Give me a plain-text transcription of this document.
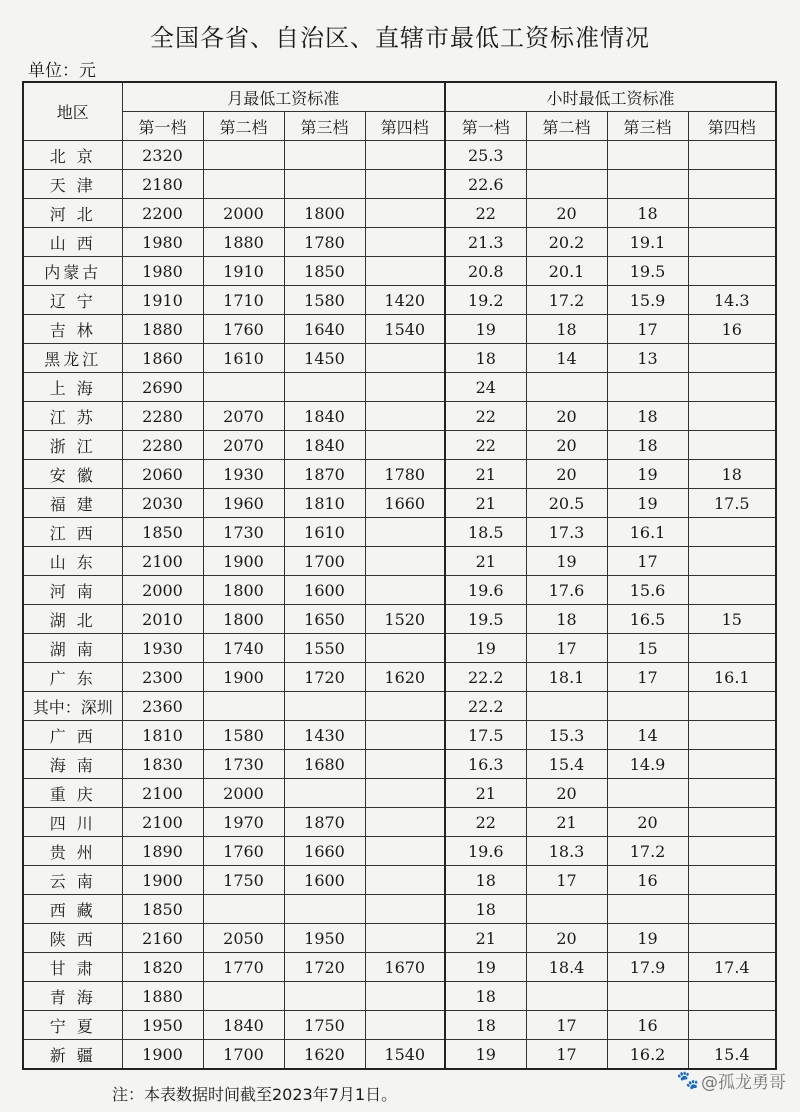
全国各省、自治区、直辖市最低工资标准情况
单位：元
地区	月最低工资标准				小时最低工资标准			
	第一档	第二档	第三档	第四档	第一档	第二档	第三档	第四档
北 京	2320				25.3			
天 津	2180				22.6			
河 北	2200	2000	1800		22	20	18	
山 西	1980	1880	1780		21.3	20.2	19.1	
内蒙古	1980	1910	1850		20.8	20.1	19.5	
辽 宁	1910	1710	1580	1420	19.2	17.2	15.9	14.3
吉 林	1880	1760	1640	1540	19	18	17	16
黑龙江	1860	1610	1450		18	14	13	
上 海	2690				24			
江 苏	2280	2070	1840		22	20	18	
浙 江	2280	2070	1840		22	20	18	
安 徽	2060	1930	1870	1780	21	20	19	18
福 建	2030	1960	1810	1660	21	20.5	19	17.5
江 西	1850	1730	1610		18.5	17.3	16.1	
山 东	2100	1900	1700		21	19	17	
河 南	2000	1800	1600		19.6	17.6	15.6	
湖 北	2010	1800	1650	1520	19.5	18	16.5	15
湖 南	1930	1740	1550		19	17	15	
广 东	2300	1900	1720	1620	22.2	18.1	17	16.1
其中：深圳	2360				22.2			
广 西	1810	1580	1430		17.5	15.3	14	
海 南	1830	1730	1680		16.3	15.4	14.9	
重 庆	2100	2000			21	20		
四 川	2100	1970	1870		22	21	20	
贵 州	1890	1760	1660		19.6	18.3	17.2	
云 南	1900	1750	1600		18	17	16	
西 藏	1850				18			
陕 西	2160	2050	1950		21	20	19	
甘 肃	1820	1770	1720	1670	19	18.4	17.9	17.4
青 海	1880				18			
宁 夏	1950	1840	1750		18	17	16	
新 疆	1900	1700	1620	1540	19	17	16.2	15.4
注：本表数据时间截至2023年7月1日。
🐾 @孤龙勇哥
